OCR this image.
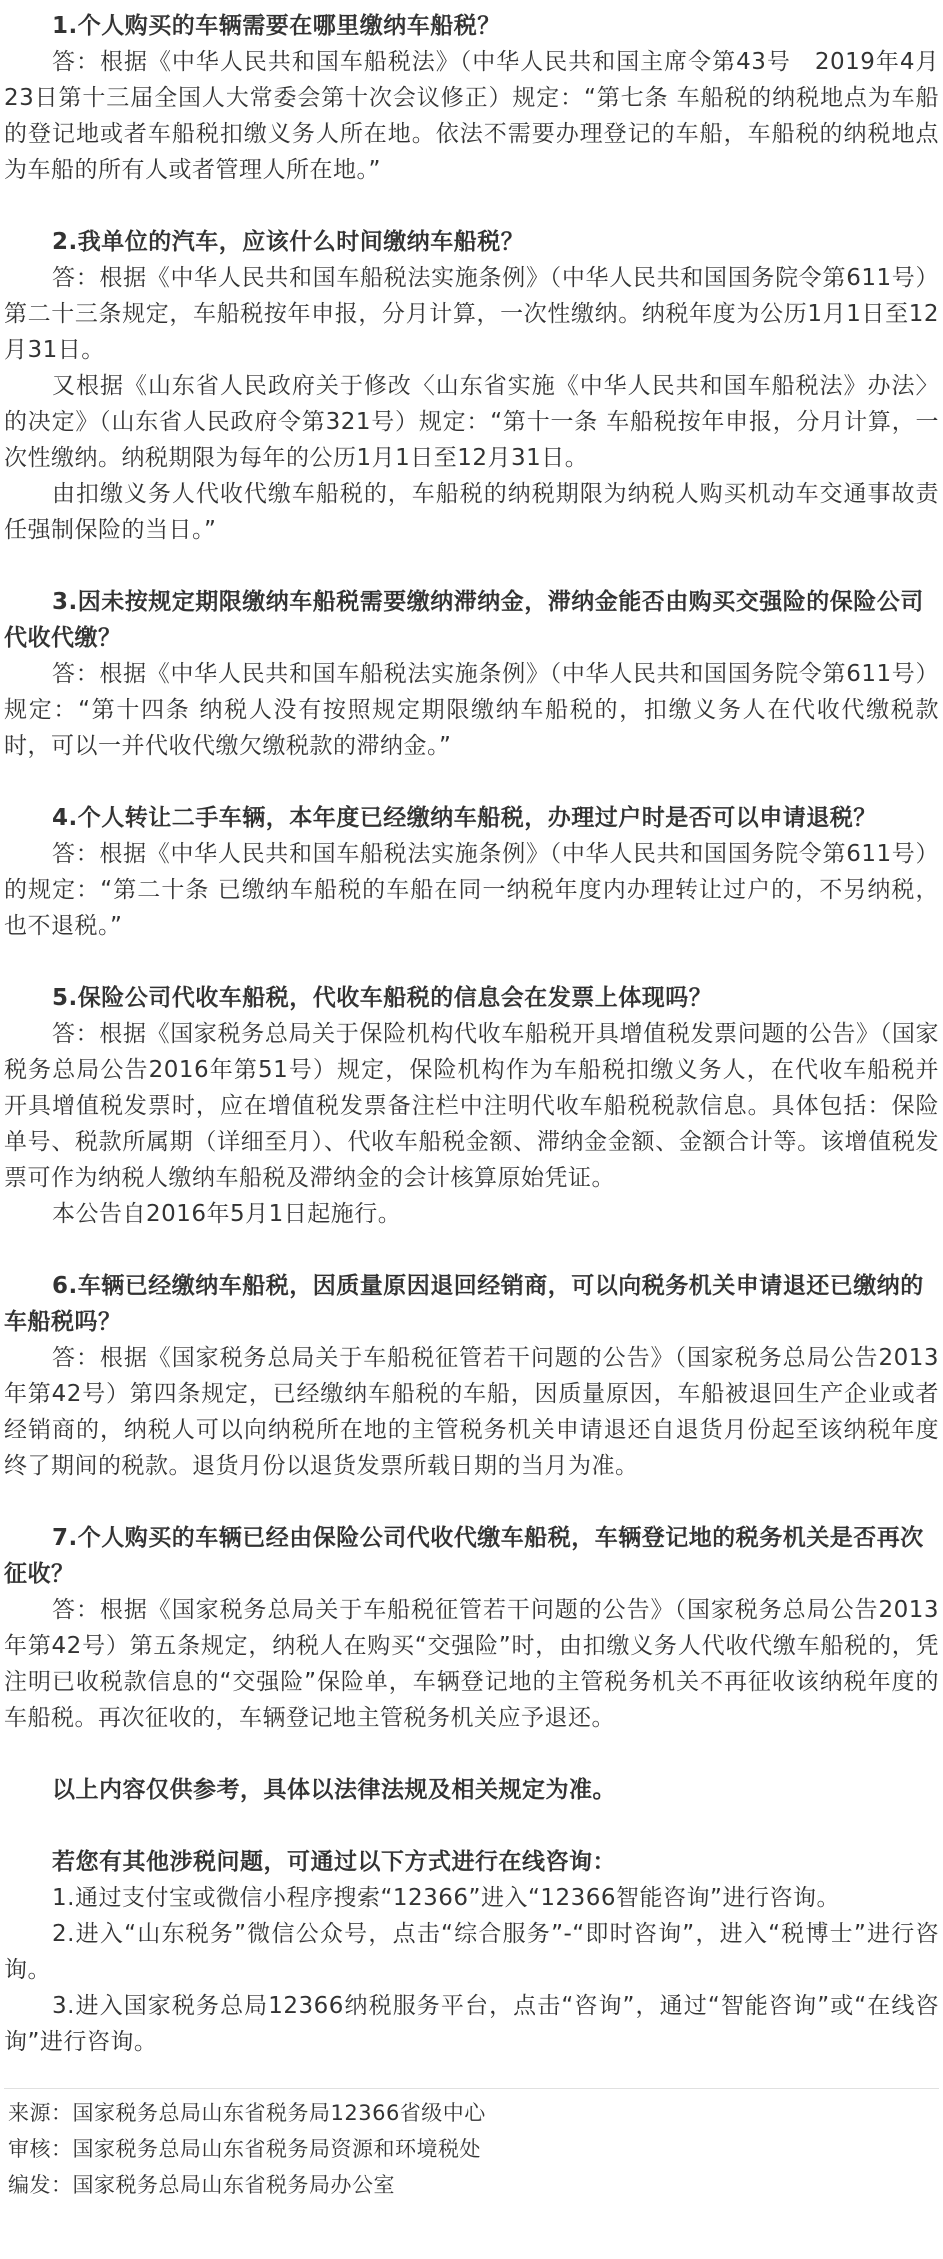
1.个人购买的车辆需要在哪里缴纳车船税？

答：根据《中华人民共和国车船税法》（中华人民共和国主席令第43号　2019年4月23日第十三届全国人大常委会第十次会议修正）规定：“第七条 车船税的纳税地点为车船的登记地或者车船税扣缴义务人所在地。依法不需要办理登记的车船，车船税的纳税地点为车船的所有人或者管理人所在地。”

2.我单位的汽车，应该什么时间缴纳车船税？

答：根据《中华人民共和国车船税法实施条例》（中华人民共和国国务院令第611号）第二十三条规定，车船税按年申报，分月计算，一次性缴纳。纳税年度为公历1月1日至12月31日。

又根据《山东省人民政府关于修改〈山东省实施《中华人民共和国车船税法》办法〉的决定》（山东省人民政府令第321号）规定：“第十一条 车船税按年申报，分月计算，一次性缴纳。纳税期限为每年的公历1月1日至12月31日。

由扣缴义务人代收代缴车船税的，车船税的纳税期限为纳税人购买机动车交通事故责任强制保险的当日。”

3.因未按规定期限缴纳车船税需要缴纳滞纳金，滞纳金能否由购买交强险的保险公司代收代缴？

答：根据《中华人民共和国车船税法实施条例》（中华人民共和国国务院令第611号）规定：“第十四条 纳税人没有按照规定期限缴纳车船税的，扣缴义务人在代收代缴税款时，可以一并代收代缴欠缴税款的滞纳金。”

4.个人转让二手车辆，本年度已经缴纳车船税，办理过户时是否可以申请退税？

答：根据《中华人民共和国车船税法实施条例》（中华人民共和国国务院令第611号）的规定：“第二十条 已缴纳车船税的车船在同一纳税年度内办理转让过户的，不另纳税，也不退税。”

5.保险公司代收车船税，代收车船税的信息会在发票上体现吗？

答：根据《国家税务总局关于保险机构代收车船税开具增值税发票问题的公告》（国家税务总局公告2016年第51号）规定，保险机构作为车船税扣缴义务人，在代收车船税并开具增值税发票时，应在增值税发票备注栏中注明代收车船税税款信息。具体包括：保险单号、税款所属期（详细至月）、代收车船税金额、滞纳金金额、金额合计等。该增值税发票可作为纳税人缴纳车船税及滞纳金的会计核算原始凭证。

本公告自2016年5月1日起施行。

6.车辆已经缴纳车船税，因质量原因退回经销商，可以向税务机关申请退还已缴纳的车船税吗？

答：根据《国家税务总局关于车船税征管若干问题的公告》（国家税务总局公告2013年第42号）第四条规定，已经缴纳车船税的车船，因质量原因，车船被退回生产企业或者经销商的，纳税人可以向纳税所在地的主管税务机关申请退还自退货月份起至该纳税年度终了期间的税款。退货月份以退货发票所载日期的当月为准。

7.个人购买的车辆已经由保险公司代收代缴车船税，车辆登记地的税务机关是否再次征收？

答：根据《国家税务总局关于车船税征管若干问题的公告》（国家税务总局公告2013年第42号）第五条规定，纳税人在购买“交强险”时，由扣缴义务人代收代缴车船税的，凭注明已收税款信息的“交强险”保险单，车辆登记地的主管税务机关不再征收该纳税年度的车船税。再次征收的，车辆登记地主管税务机关应予退还。

以上内容仅供参考，具体以法律法规及相关规定为准。

若您有其他涉税问题，可通过以下方式进行在线咨询：

1.通过支付宝或微信小程序搜索“12366”进入“12366智能咨询”进行咨询。

2.进入“山东税务”微信公众号，点击“综合服务”-“即时咨询”，进入“税博士”进行咨询。

3.进入国家税务总局12366纳税服务平台，点击“咨询”，通过“智能咨询”或“在线咨询”进行咨询。

来源：国家税务总局山东省税务局12366省级中心

审核：国家税务总局山东省税务局资源和环境税处

编发：国家税务总局山东省税务局办公室
